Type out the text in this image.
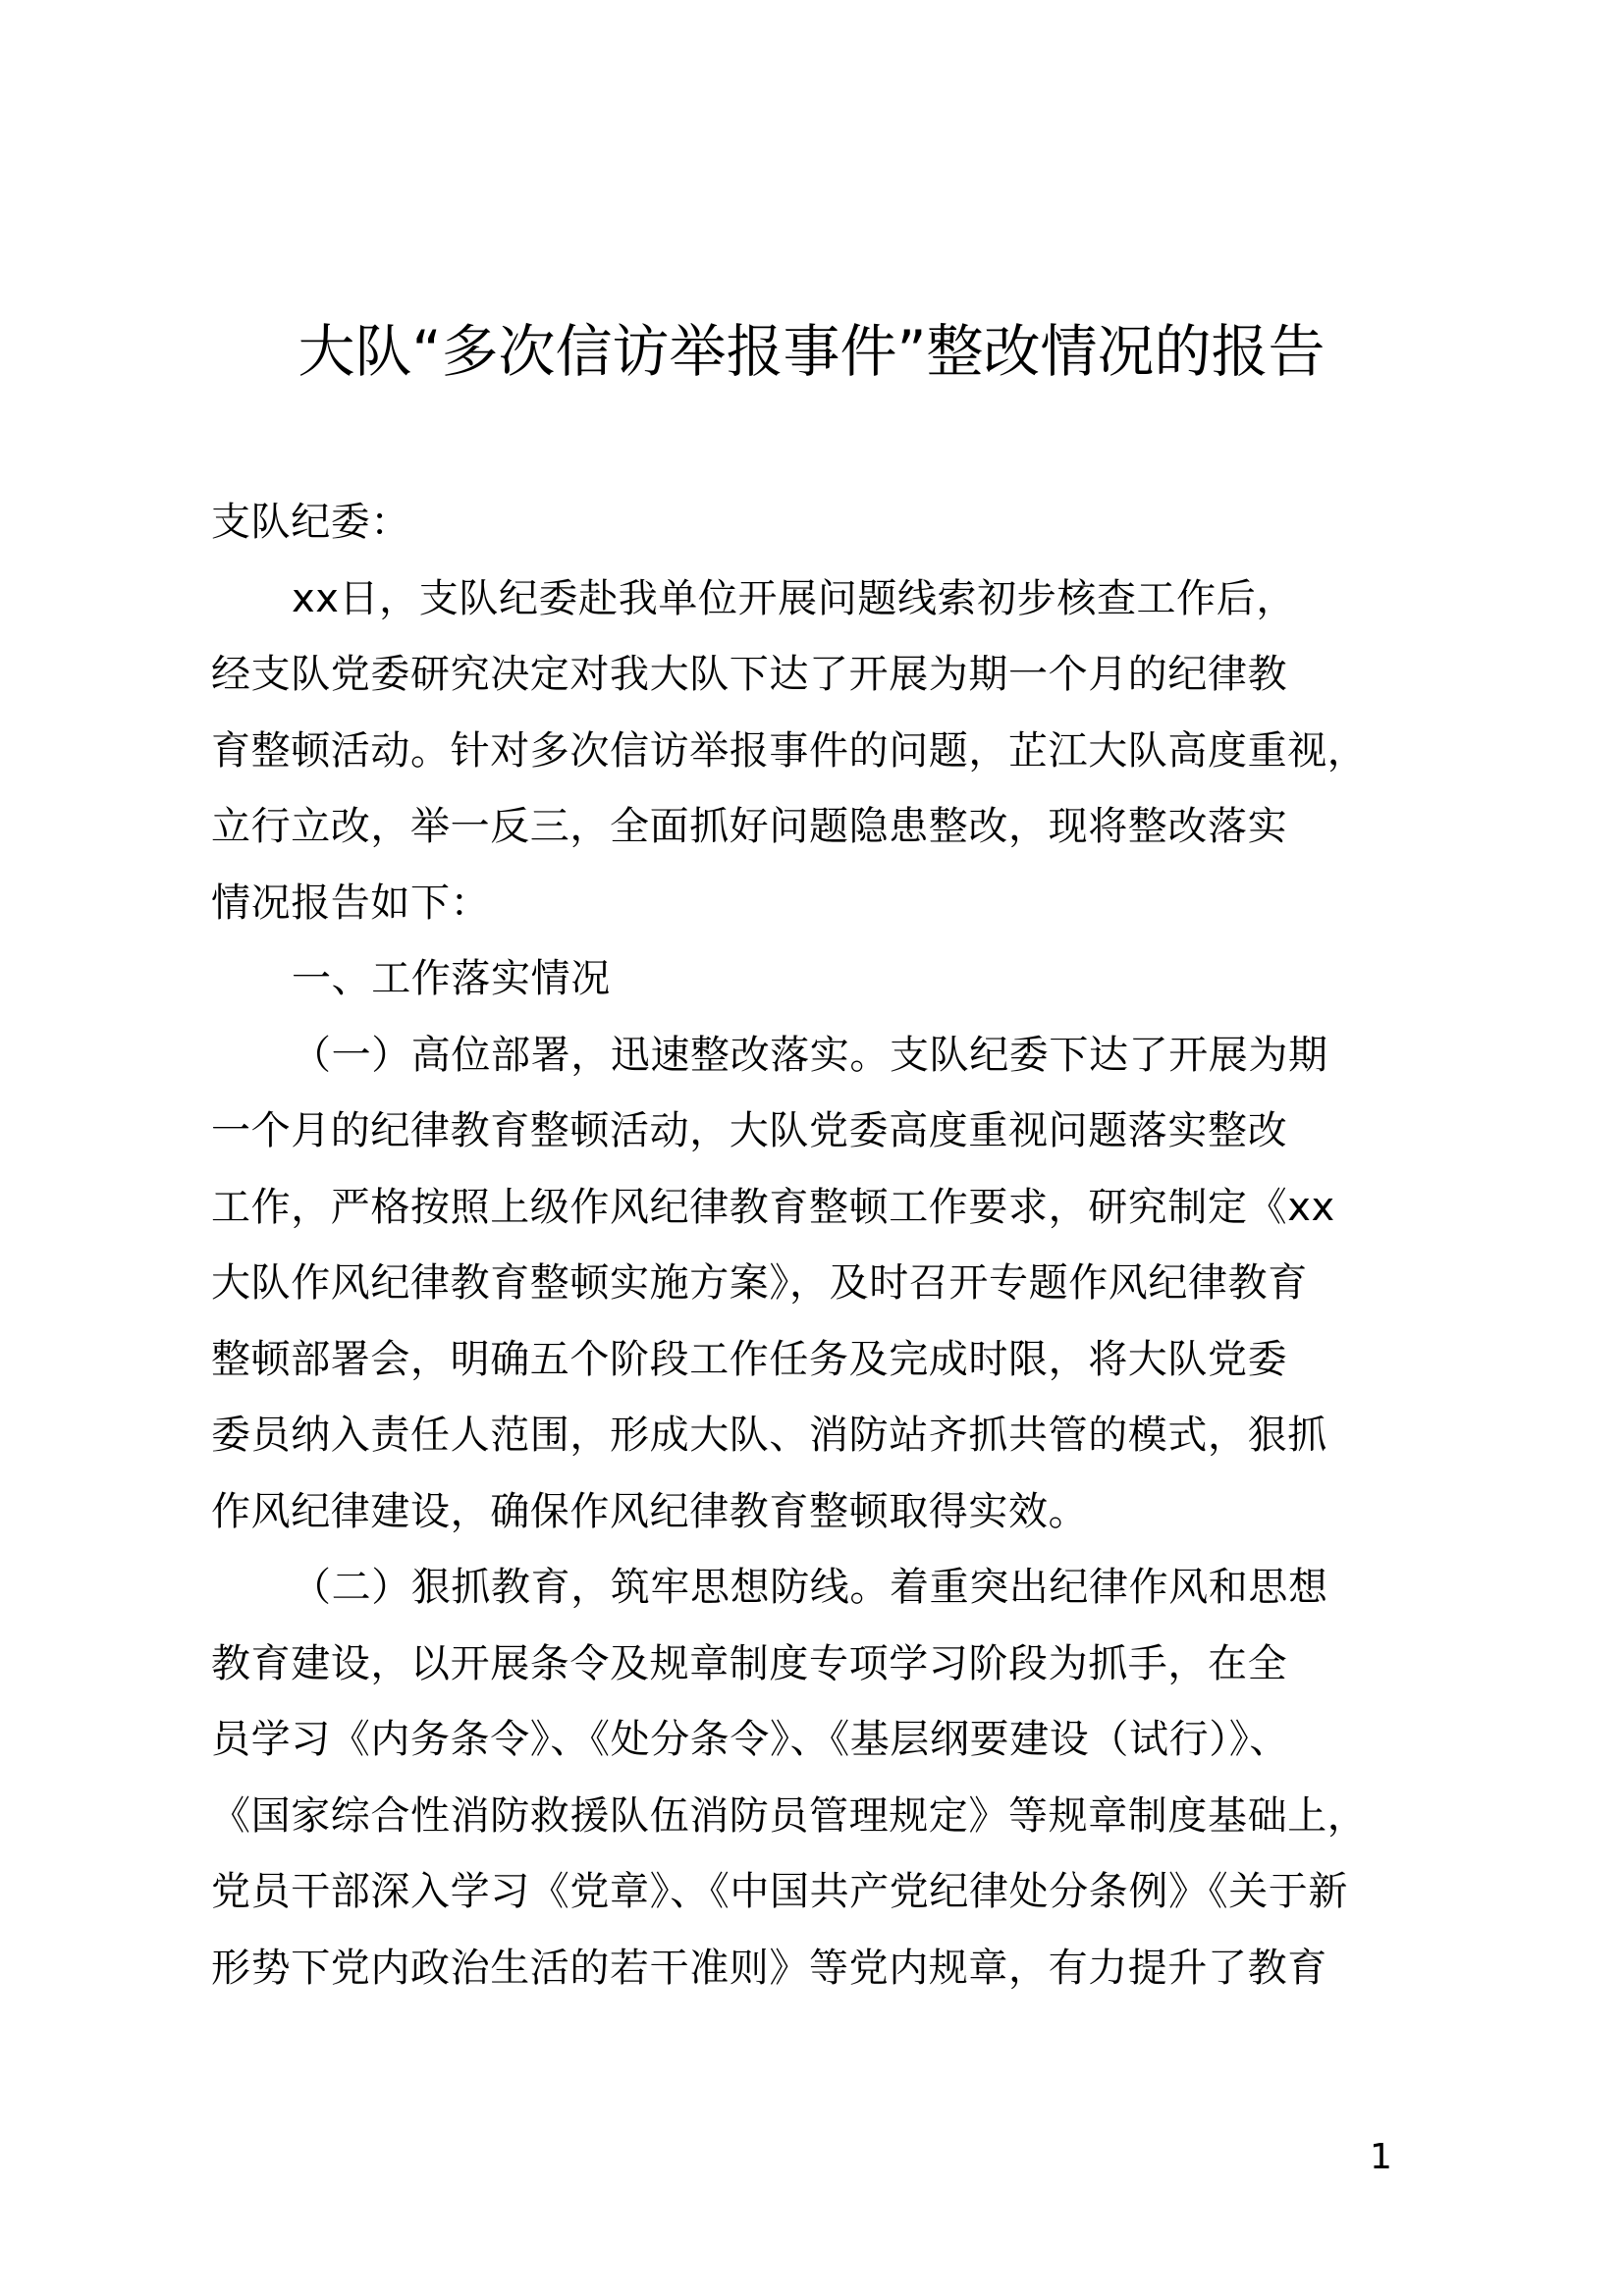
大队“多次信访举报事件”整改情况的报告
支队纪委：
xx日，支队纪委赴我单位开展问题线索初步核查工作后，
经支队党委研究决定对我大队下达了开展为期一个月的纪律教
育整顿活动。针对多次信访举报事件的问题，芷江大队高度重视，
立行立改，举一反三，全面抓好问题隐患整改，现将整改落实
情况报告如下：
一、工作落实情况
（一）高位部署，迅速整改落实。支队纪委下达了开展为期
一个月的纪律教育整顿活动，大队党委高度重视问题落实整改
工作，严格按照上级作风纪律教育整顿工作要求，研究制定《xx
大队作风纪律教育整顿实施方案》，及时召开专题作风纪律教育
整顿部署会，明确五个阶段工作任务及完成时限，将大队党委
委员纳入责任人范围，形成大队、消防站齐抓共管的模式，狠抓
作风纪律建设，确保作风纪律教育整顿取得实效。
（二）狠抓教育，筑牢思想防线。着重突出纪律作风和思想
教育建设，以开展条令及规章制度专项学习阶段为抓手，在全
员学习《内务条令》、《处分条令》、《基层纲要建设（试行）》、
《国家综合性消防救援队伍消防员管理规定》等规章制度基础上，
党员干部深入学习《党章》、《中国共产党纪律处分条例》《关于新
形势下党内政治生活的若干准则》等党内规章，有力提升了教育
1
